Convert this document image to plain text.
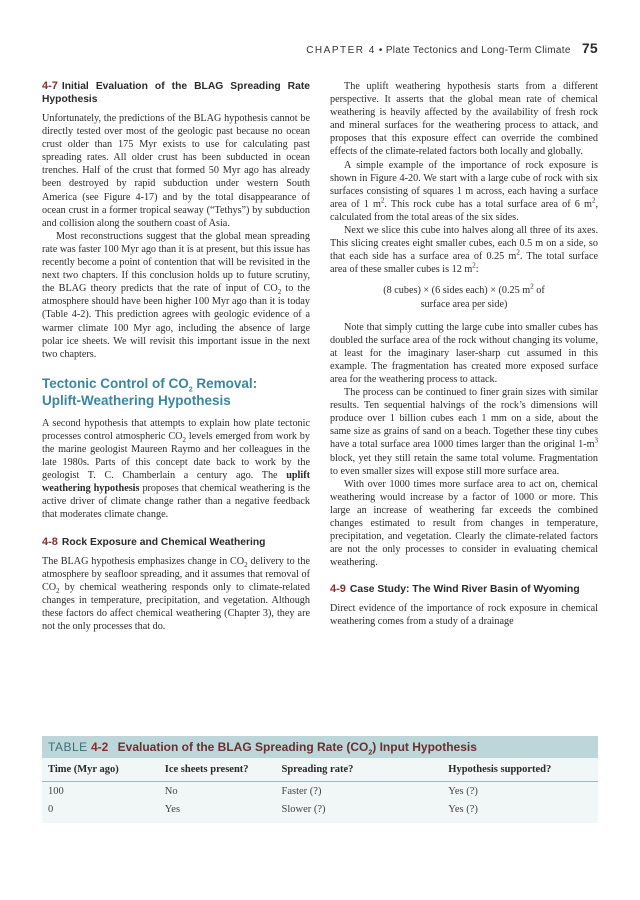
CHAPTER 4 • Plate Tectonics and Long-Term Climate 75
4-7 Initial Evaluation of the BLAG Spreading Rate Hypothesis

Unfortunately, the predictions of the BLAG hypothesis cannot be directly tested over most of the geologic past because no ocean crust older than 175 Myr exists to use for calculating past spreading rates. All older crust has been subducted in ocean trenches. Half of the crust that formed 50 Myr ago has already been destroyed by rapid subduction under western South America (see Figure 4-17) and by the total disappearance of ocean crust in a former tropical seaway (“Tethys”) by subduction and collision along the southern coast of Asia.

Most reconstructions suggest that the global mean spreading rate was faster 100 Myr ago than it is at present, but this issue has recently become a point of contention that will be revisited in the next two chapters. If this conclusion holds up to future scrutiny, the BLAG theory predicts that the rate of input of $CO_2$ to the atmosphere should have been higher 100 Myr ago than it is today (Table 4-2). This prediction agrees with geologic evidence of a warmer climate 100 Myr ago, including the absence of large polar ice sheets. We will revisit this important issue in the next two chapters.

Tectonic Control of $CO_2$ Removal:
Uplift-Weathering Hypothesis

A second hypothesis that attempts to explain how plate tectonic processes control atmospheric $CO_2$ levels emerged from work by the marine geologist Maureen Raymo and her colleagues in the late 1980s. Parts of this concept date back to work by the geologist T. C. Chamberlain a century ago. The uplift weathering hypothesis proposes that chemical weathering is the active driver of climate change rather than a negative feedback that moderates climate change.

4-8 Rock Exposure and Chemical Weathering

The BLAG hypothesis emphasizes change in $CO_2$ delivery to the atmosphere by seafloor spreading, and it assumes that removal of $CO_2$ by chemical weathering responds only to climate-related changes in temperature, precipitation, and vegetation. Although these factors do affect chemical weathering (Chapter 3), they are not the only processes that do.

The uplift weathering hypothesis starts from a different perspective. It asserts that the global mean rate of chemical weathering is heavily affected by the availability of fresh rock and mineral surfaces for the weathering process to attack, and proposes that this exposure effect can override the combined effects of the climate-related factors both locally and globally.

A simple example of the importance of rock exposure is shown in Figure 4-20. We start with a large cube of rock with six surfaces consisting of squares 1 m across, each having a surface area of 1 $m^2$. This rock cube has a total surface area of 6 $m^2$, calculated from the total areas of the six sides.

Next we slice this cube into halves along all three of its axes. This slicing creates eight smaller cubes, each 0.5 m on a side, so that each side has a surface area of 0.25 $m^2$. The total surface area of these smaller cubes is 12 $m^2$:

(8 cubes) × (6 sides each) × (0.25 $m^2$ of
surface area per side)

Note that simply cutting the large cube into smaller cubes has doubled the surface area of the rock without changing its volume, at least for the imaginary laser-sharp cut assumed in this example. The fragmentation has created more exposed surface area for the weathering process to attack.

The process can be continued to finer grain sizes with similar results. Ten sequential halvings of the rock’s dimensions will produce over 1 billion cubes each 1 mm on a side, about the same size as grains of sand on a beach. Together these tiny cubes have a total surface area 1000 times larger than the original $1-m^3$ block, yet they still retain the same total volume. Fragmentation to even smaller sizes will expose still more surface area.

With over 1000 times more surface area to act on, chemical weathering would increase by a factor of 1000 or more. This large an increase of weathering far exceeds the combined changes estimated to result from changes in temperature, precipitation, and vegetation. Clearly the climate-related factors are not the only processes to consider in evaluating chemical weathering.

4-9 Case Study: The Wind River Basin of Wyoming

Direct evidence of the importance of rock exposure in chemical weathering comes from a study of a drainage

TABLE 4-2 Evaluation of the BLAG Spreading Rate $(CO_2)$ Input Hypothesis
Time (Myr ago)	Ice sheets present?	Spreading rate?	Hypothesis supported?
100	No	Faster (?)	Yes (?)
0	Yes	Slower (?)	Yes (?)
